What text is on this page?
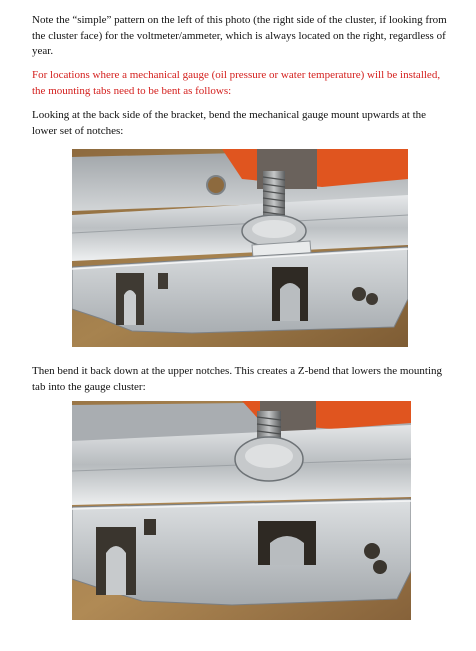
Note the “simple” pattern on the left of this photo (the right side of the cluster, if looking from the cluster face) for the voltmeter/ammeter, which is always located on the right, regardless of year.

For locations where a mechanical gauge (oil pressure or water temperature) will be installed, the mounting tabs need to be bent as follows:

Looking at the back side of the bracket, bend the mechanical gauge mount upwards at the lower set of notches:

Then bend it back down at the upper notches. This creates a Z-bend that lowers the mounting tab into the gauge cluster:
